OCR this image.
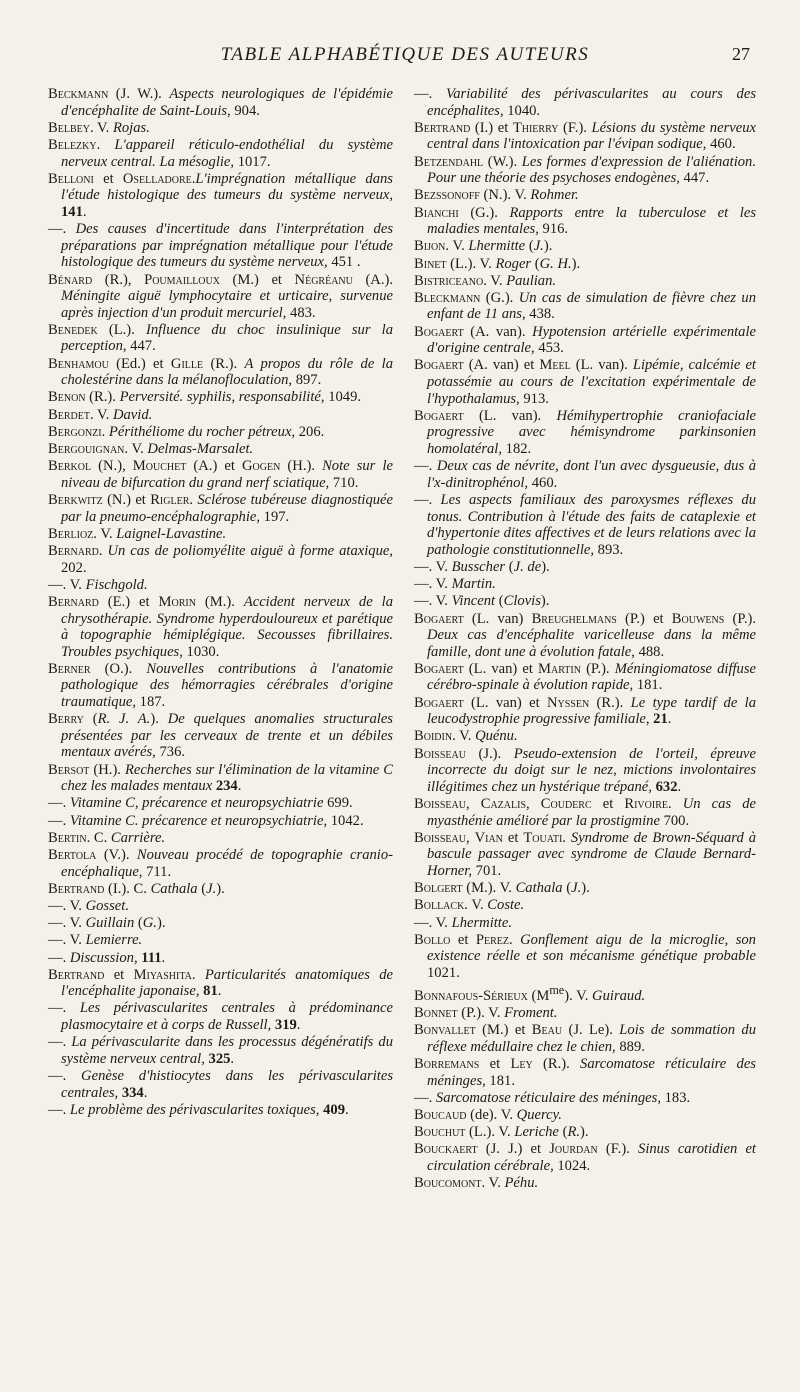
TABLE ALPHABÉTIQUE DES AUTEURS	27

Beckmann (J. W.). Aspects neurologiques de l'épidémie d'encéphalite de Saint-Louis, 904.

Belbey. V. Rojas.

Belezky. L'appareil réticulo-endothélial du système nerveux central. La mésoglie, 1017.

Belloni et Oselladore.L'imprégnation métallique dans l'étude histologique des tumeurs du système nerveux, 141.

—. Des causes d'incertitude dans l'interprétation des préparations par imprégnation métallique pour l'étude histologique des tumeurs du système nerveux, 451 .

Bénard (R.), Poumailloux (M.) et Négréanu (A.). Méningite aiguë lymphocytaire et urticaire, survenue après injection d'un produit mercuriel, 483.

Benedek (L.). Influence du choc insulinique sur la perception, 447.

Benhamou (Ed.) et Gille (R.). A propos du rôle de la cholestérine dans la mélanofloculation, 897.

Benon (R.). Perversité. syphilis, responsabilité, 1049.

Berdet. V. David.

Bergonzi. Périthéliome du rocher pétreux, 206.

Bergouignan. V. Delmas-Marsalet.

Berkol (N.), Mouchet (A.) et Gogen (H.). Note sur le niveau de bifurcation du grand nerf sciatique, 710.

Berkwitz (N.) et Rigler. Sclérose tubéreuse diagnostiquée par la pneumo-encéphalographie, 197.

Berlioz. V. Laignel-Lavastine.

Bernard. Un cas de poliomyélite aiguë à forme ataxique, 202.

—. V. Fischgold.

Bernard (E.) et Morin (M.). Accident nerveux de la chrysothérapie. Syndrome hyperdouloureux et parétique à topographie hémiplégique. Secousses fibrillaires. Troubles psychiques, 1030.

Berner (O.). Nouvelles contributions à l'anatomie pathologique des hémorragies cérébrales d'origine traumatique, 187.

Berry (R. J. A.). De quelques anomalies structurales présentées par les cerveaux de trente et un débiles mentaux avérés, 736.

Bersot (H.). Recherches sur l'élimination de la vitamine C chez les malades mentaux 234.

—. Vitamine C, précarence et neuropsychiatrie 699.

—. Vitamine C. précarence et neuropsychiatrie, 1042.

Bertin. C. Carrière.

Bertola (V.). Nouveau procédé de topographie cranio-encéphalique, 711.

Bertrand (I.). C. Cathala (J.).

—. V. Gosset.

—. V. Guillain (G.).

—. V. Lemierre.

—. Discussion, 111.

Bertrand et Miyashita. Particularités anatomiques de l'encéphalite japonaise, 81.

—. Les périvascularites centrales à prédominance plasmocytaire et à corps de Russell, 319.

—. La périvascularite dans les processus dégénératifs du système nerveux central, 325.

—. Genèse d'histiocytes dans les périvascularites centrales, 334.

—. Le problème des périvascularites toxiques, 409.

—. Variabilité des périvascularites au cours des encéphalites, 1040.

Bertrand (I.) et Thierry (F.). Lésions du système nerveux central dans l'intoxication par l'évipan sodique, 460.

Betzendahl (W.). Les formes d'expression de l'aliénation. Pour une théorie des psychoses endogènes, 447.

Bezssonoff (N.). V. Rohmer.

Bianchi (G.). Rapports entre la tuberculose et les maladies mentales, 916.

Bijon. V. Lhermitte (J.).

Binet (L.). V. Roger (G. H.).

Bistriceano. V. Paulian.

Bleckmann (G.). Un cas de simulation de fièvre chez un enfant de 11 ans, 438.

Bogaert (A. van). Hypotension artérielle expérimentale d'origine centrale, 453.

Bogaert (A. van) et Meel (L. van). Lipémie, calcémie et potassémie au cours de l'excitation expérimentale de l'hypothalamus, 913.

Bogaert (L. van). Hémihypertrophie craniofaciale progressive avec hémisyndrome parkinsonien homolatéral, 182.

—. Deux cas de névrite, dont l'un avec dysgueusie, dus à l'x-dinitrophénol, 460.

—. Les aspects familiaux des paroxysmes réflexes du tonus. Contribution à l'étude des faits de cataplexie et d'hypertonie dites affectives et de leurs relations avec la pathologie constitutionnelle, 893.

—. V. Busscher (J. de).

—. V. Martin.

—. V. Vincent (Clovis).

Bogaert (L. van) Breughelmans (P.) et Bouwens (P.). Deux cas d'encéphalite varicelleuse dans la même famille, dont une à évolution fatale, 488.

Bogaert (L. van) et Martin (P.). Méningiomatose diffuse cérébro-spinale à évolution rapide, 181.

Bogaert (L. van) et Nyssen (R.). Le type tardif de la leucodystrophie progressive familiale, 21.

Boidin. V. Quénu.

Boisseau (J.). Pseudo-extension de l'orteil, épreuve incorrecte du doigt sur le nez, mictions involontaires illégitimes chez un hystérique trépané, 632.

Boisseau, Cazalis, Couderc et Rivoire. Un cas de myasthénie amélioré par la prostigmine 700.

Boisseau, Vian et Touati. Syndrome de Brown-Séquard à bascule passager avec syndrome de Claude Bernard-Horner, 701.

Bolgert (M.). V. Cathala (J.).

Bollack. V. Coste.

—. V. Lhermitte.

Bollo et Perez. Gonflement aigu de la microglie, son existence réelle et son mécanisme génétique probable 1021.

Bonnafous-Sérieux $(M^{me})$. V. Guiraud.

Bonnet (P.). V. Froment.

Bonvallet (M.) et Beau (J. Le). Lois de sommation du réflexe médullaire chez le chien, 889.

Borremans et Ley (R.). Sarcomatose réticulaire des méninges, 181.

—. Sarcomatose réticulaire des méninges, 183.

Boucaud (de). V. Quercy.

Bouchut (L.). V. Leriche (R.).

Bouckaert (J. J.) et Jourdan (F.). Sinus carotidien et circulation cérébrale, 1024.

Boucomont. V. Péhu.
